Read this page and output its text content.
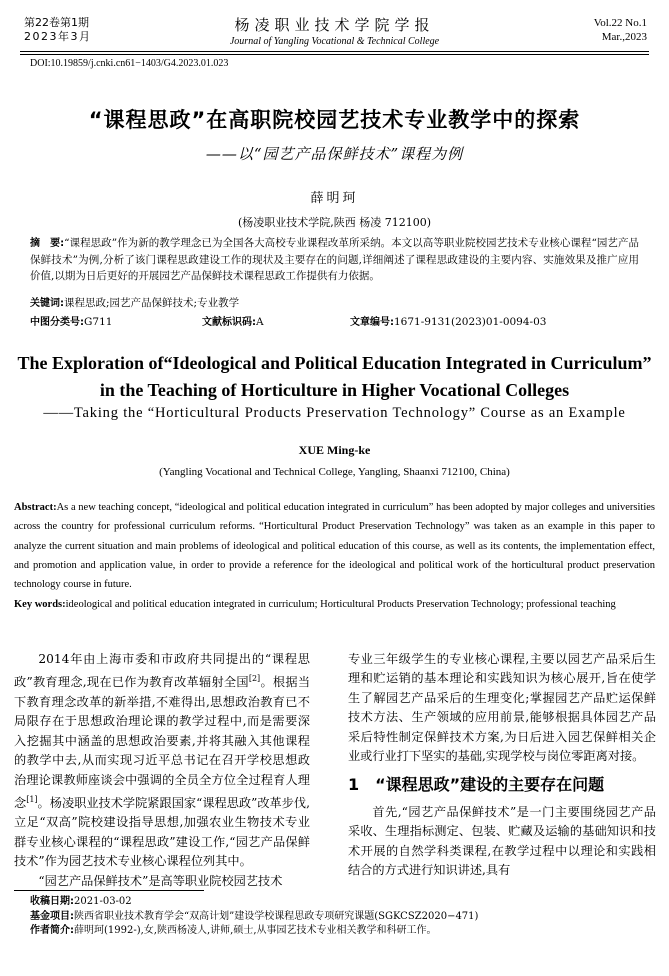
第22卷第1期
2023年3月
杨凌职业技术学院学报
Journal of Yangling Vocational & Technical College
Vol.22 No.1
Mar.,2023
DOI:10.19859/j.cnki.cn61−1403/G4.2023.01.023
“课程思政”在高职院校园艺技术专业教学中的探索
——以“园艺产品保鲜技术”课程为例
薛明珂
(杨凌职业技术学院,陕西 杨凌 712100)
摘　要:“课程思政”作为新的教学理念已为全国各大高校专业课程改革所采纳。本文以高等职业院校园艺技术专业核心课程“园艺产品保鲜技术”为例,分析了该门课程思政建设工作的现状及主要存在的问题,详细阐述了课程思政建设的主要内容、实施效果及推广应用价值,以期为日后更好的开展园艺产品保鲜技术课程思政工作提供有力依据。
关键词:课程思政;园艺产品保鲜技术;专业教学
中图分类号:G711	文献标识码:A	文章编号:1671-9131(2023)01-0094-03
The Exploration of“Ideological and Political Education Integrated in Curriculum”
in the Teaching of Horticulture in Higher Vocational Colleges
——Taking the “Horticultural Products Preservation Technology” Course as an Example
XUE Ming-ke
(Yangling Vocational and Technical College, Yangling, Shaanxi 712100, China)
Abstract:As a new teaching concept, “ideological and political education integrated in curriculum” has been adopted by major colleges and universities across the country for professional curriculum reforms. “Horticultural Product Preservation Technology” was taken as an example in this paper to analyze the current situation and main problems of ideological and political education of this course, as well as its contents, the implementation effect, and promotion and application value, in order to provide a reference for the ideological and political work of the horticultural product preservation technology course in future.
Key words:ideological and political education integrated in curriculum; Horticultural Products Preservation Technology; professional teaching

2014年由上海市委和市政府共同提出的“课程思政”教育理念,现在已作为教育改革辐射全国[2]。根据当下教育理念改革的新举措,不难得出,思想政治教育已不局限存在于思想政治理论课的教学过程中,而是需要深入挖掘其中涵盖的思想政治要素,并将其融入其他课程的教学中去,从而实现习近平总书记在召开学校思想政治理论课教师座谈会中强调的全员全方位全过程育人理念[1]。杨凌职业技术学院紧跟国家“课程思政”改革步伐,立足“双高”院校建设指导思想,加强农业生物技术专业群专业核心课程的“课程思政”建设工作,“园艺产品保鲜技术”作为园艺技术专业核心课程位列其中。

“园艺产品保鲜技术”是高等职业院校园艺技术

专业三年级学生的专业核心课程,主要以园艺产品采后生理和贮运销的基本理论和实践知识为核心展开,旨在使学生了解园艺产品采后的生理变化;掌握园艺产品贮运保鲜技术方法、生产领域的应用前景,能够根据具体园艺产品采后特性制定保鲜技术方案,为日后进入园艺保鲜相关企业或行业打下坚实的基础,实现学校与岗位零距离对接。

1　“课程思政”建设的主要存在问题

首先,“园艺产品保鲜技术”是一门主要围绕园艺产品采收、生理指标测定、包装、贮藏及运输的基础知识和技术开展的自然学科类课程,在教学过程中以理论和实践相结合的方式进行知识讲述,具有

收稿日期:2021-03-02
基金项目:陕西省职业技术教育学会“双高计划”建设学校课程思政专项研究课题(SGKCSZ2020−471)
作者简介:薛明珂(1992-),女,陕西杨凌人,讲师,硕士,从事园艺技术专业相关教学和科研工作。
